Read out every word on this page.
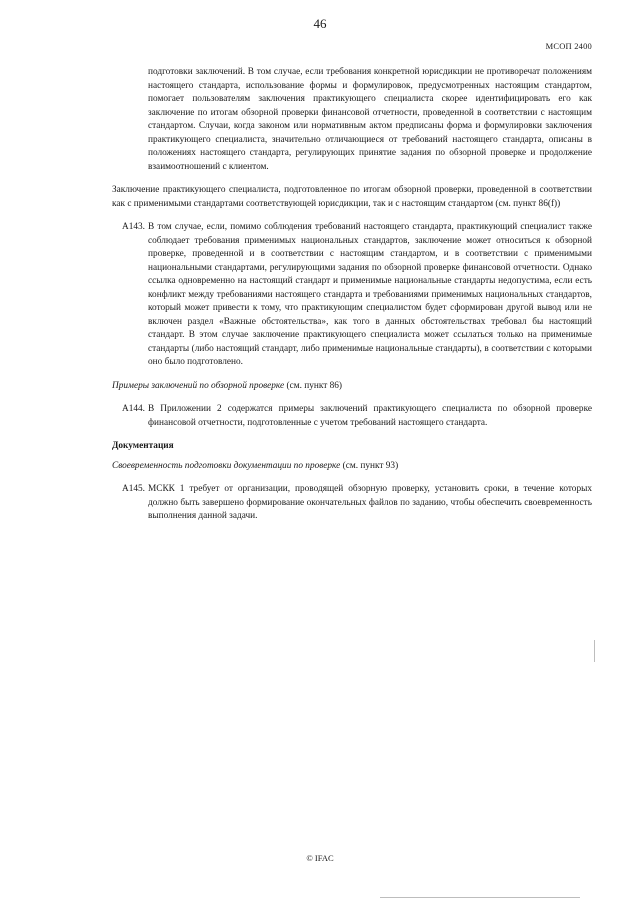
46
МСОП 2400

подготовки заключений. В том случае, если требования конкретной юрисдикции не противоречат положениям настоящего стандарта, использование формы и формулировок, предусмотренных настоящим стандартом, помогает пользователям заключения практикующего специалиста скорее идентифицировать его как заключение по итогам обзорной проверки финансовой отчетности, проведенной в соответствии с настоящим стандартом. Случаи, когда законом или нормативным актом предписаны форма и формулировки заключения практикующего специалиста, значительно отличающиеся от требований настоящего стандарта, описаны в положениях настоящего стандарта, регулирующих принятие задания по обзорной проверке и продолжение взаимоотношений с клиентом.

Заключение практикующего специалиста, подготовленное по итогам обзорной проверки, проведенной в соответствии как с применимыми стандартами соответствующей юрисдикции, так и с настоящим стандартом (см. пункт 86(f))

A143. В том случае, если, помимо соблюдения требований настоящего стандарта, практикующий специалист также соблюдает требования применимых национальных стандартов, заключение может относиться к обзорной проверке, проведенной и в соответствии с настоящим стандартом, и в соответствии с применимыми национальными стандартами, регулирующими задания по обзорной проверке финансовой отчетности. Однако ссылка одновременно на настоящий стандарт и применимые национальные стандарты недопустима, если есть конфликт между требованиями настоящего стандарта и требованиями применимых национальных стандартов, который может привести к тому, что практикующим специалистом будет сформирован другой вывод или не включен раздел «Важные обстоятельства», как того в данных обстоятельствах требовал бы настоящий стандарт. В этом случае заключение практикующего специалиста может ссылаться только на применимые стандарты (либо настоящий стандарт, либо применимые национальные стандарты), в соответствии с которыми оно было подготовлено.

Примеры заключений по обзорной проверке (см. пункт 86)

A144. В Приложении 2 содержатся примеры заключений практикующего специалиста по обзорной проверке финансовой отчетности, подготовленные с учетом требований настоящего стандарта.

Документация

Своевременность подготовки документации по проверке (см. пункт 93)

A145. МСКК 1 требует от организации, проводящей обзорную проверку, установить сроки, в течение которых должно быть завершено формирование окончательных файлов по заданию, чтобы обеспечить своевременность выполнения данной задачи.
© IFAC
